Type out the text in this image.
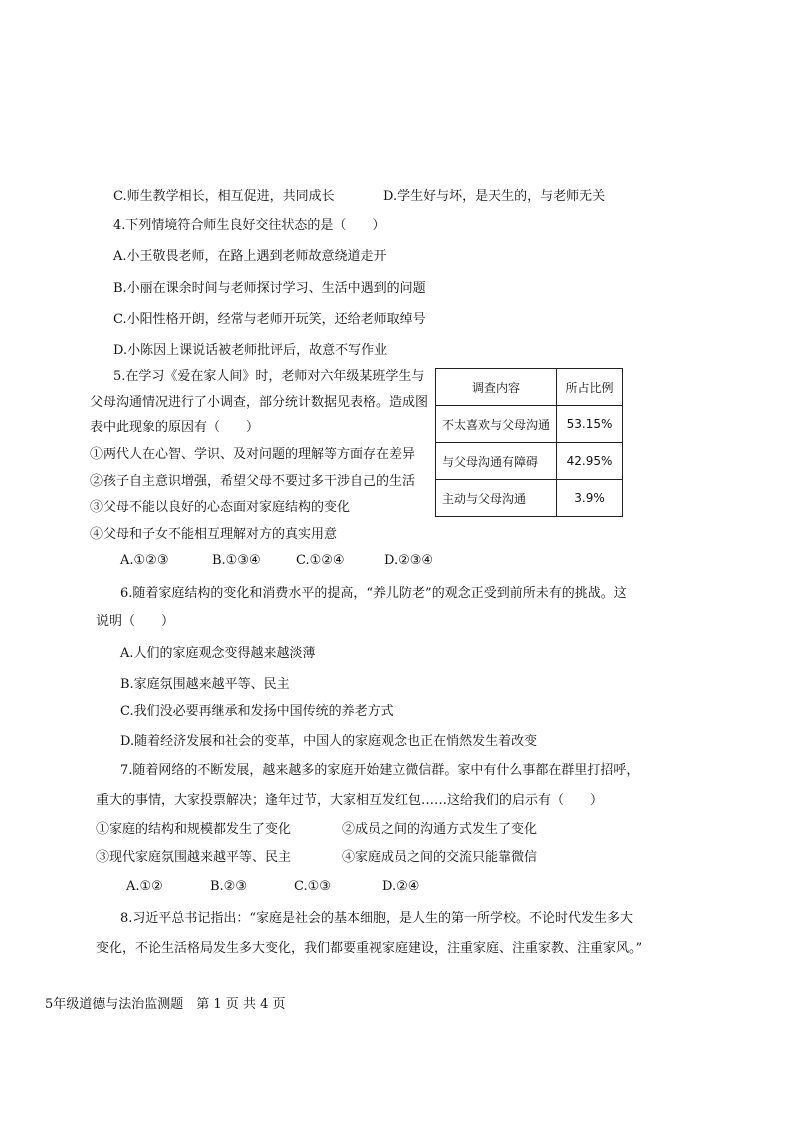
C.师生教学相长，相互促进，共同成长	D.学生好与坏，是天生的，与老师无关
4.下列情境符合师生良好交往状态的是（　　）
A.小王敬畏老师，在路上遇到老师故意绕道走开
B.小丽在课余时间与老师探讨学习、生活中遇到的问题
C.小阳性格开朗，经常与老师开玩笑，还给老师取绰号
D.小陈因上课说话被老师批评后，故意不写作业
5.在学习《爱在家人间》时，老师对六年级某班学生与
父母沟通情况进行了小调查，部分统计数据见表格。造成图
表中此现象的原因有（　　）
①两代人在心智、学识、及对问题的理解等方面存在差异
②孩子自主意识增强，希望父母不要过多干涉自己的生活
③父母不能以良好的心态面对家庭结构的变化
④父母和子女不能相互理解对方的真实用意
A.①②③	B.①③④	C.①②④	D.②③④
调查内容	所占比例
不太喜欢与父母沟通	53.15%
与父母沟通有障碍	42.95%
主动与父母沟通	3.9%
6.随着家庭结构的变化和消费水平的提高，“养儿防老”的观念正受到前所未有的挑战。这
说明（　　）
A.人们的家庭观念变得越来越淡薄
B.家庭氛围越来越平等、民主
C.我们没必要再继承和发扬中国传统的养老方式
D.随着经济发展和社会的变革，中国人的家庭观念也正在悄然发生着改变
7.随着网络的不断发展，越来越多的家庭开始建立微信群。家中有什么事都在群里打招呼，
重大的事情，大家投票解决；逢年过节，大家相互发红包……这给我们的启示有（　　）
①家庭的结构和规模都发生了变化	②成员之间的沟通方式发生了变化
③现代家庭氛围越来越平等、民主	④家庭成员之间的交流只能靠微信
A.①②	B.②③	C.①③	D.②④
8.习近平总书记指出：“家庭是社会的基本细胞，是人生的第一所学校。不论时代发生多大
变化，不论生活格局发生多大变化，我们都要重视家庭建设，注重家庭、注重家教、注重家风。”
5年级道德与法治监测题　第 1 页 共 4 页
